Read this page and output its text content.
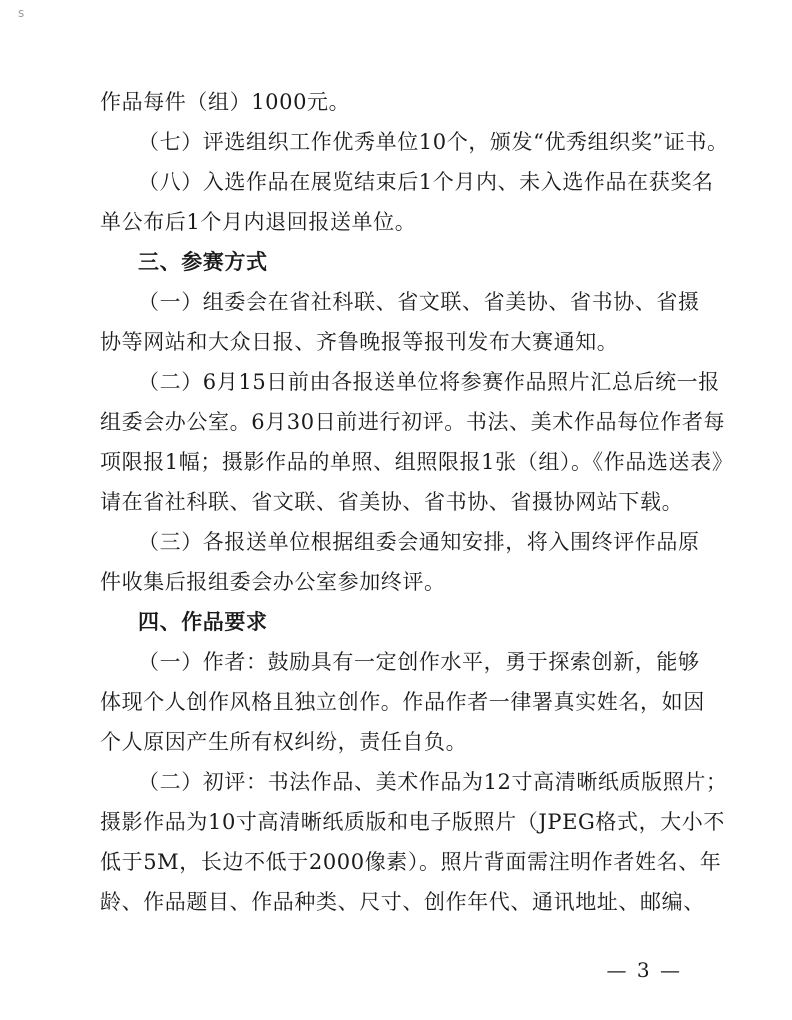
s
作品每件（组）1000元。
（七）评选组织工作优秀单位10个，颁发“优秀组织奖”证书。
（八）入选作品在展览结束后1个月内、未入选作品在获奖名
单公布后1个月内退回报送单位。
三、参赛方式
（一）组委会在省社科联、省文联、省美协、省书协、省摄
协等网站和大众日报、齐鲁晚报等报刊发布大赛通知。
（二）6月15日前由各报送单位将参赛作品照片汇总后统一报
组委会办公室。6月30日前进行初评。书法、美术作品每位作者每
项限报1幅；摄影作品的单照、组照限报1张（组）。《作品选送表》
请在省社科联、省文联、省美协、省书协、省摄协网站下载。
（三）各报送单位根据组委会通知安排，将入围终评作品原
件收集后报组委会办公室参加终评。
四、作品要求
（一）作者：鼓励具有一定创作水平，勇于探索创新，能够
体现个人创作风格且独立创作。作品作者一律署真实姓名，如因
个人原因产生所有权纠纷，责任自负。
（二）初评：书法作品、美术作品为12寸高清晰纸质版照片；
摄影作品为10寸高清晰纸质版和电子版照片（JPEG格式，大小不
低于5M，长边不低于2000像素）。照片背面需注明作者姓名、年
龄、作品题目、作品种类、尺寸、创作年代、通讯地址、邮编、
— 3 —
